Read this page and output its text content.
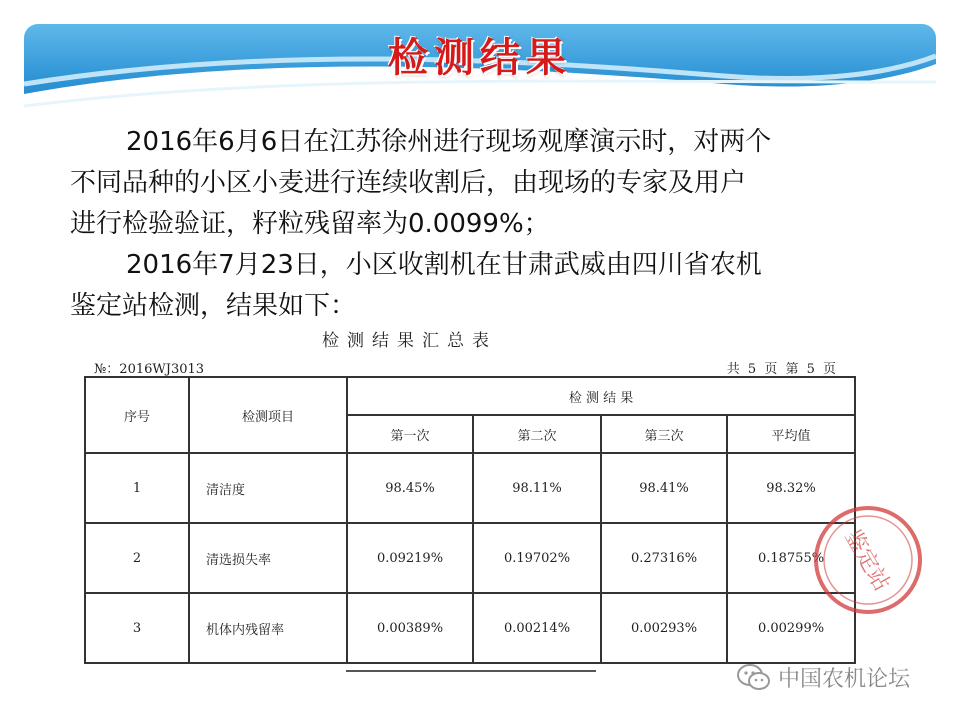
检测结果

2016年6月6日在江苏徐州进行现场观摩演示时，对两个
不同品种的小区小麦进行连续收割后，由现场的专家及用户
进行检验验证，籽粒残留率为0.0099%；

2016年7月23日，小区收割机在甘肃武威由四川省农机
鉴定站检测，结果如下：

检测结果汇总表
№：2016WJ3013	共 5 页 第 5 页
序号	检测项目	检 测 结 果			
		第一次	第二次	第三次	平均值
1	清洁度	98.45%	98.11%	98.41%	98.32%
2	清选损失率	0.09219%	0.19702%	0.27316%	0.18755%
3	机体内残留率	0.00389%	0.00214%	0.00293%	0.00299%
鉴定站
中国农机论坛
